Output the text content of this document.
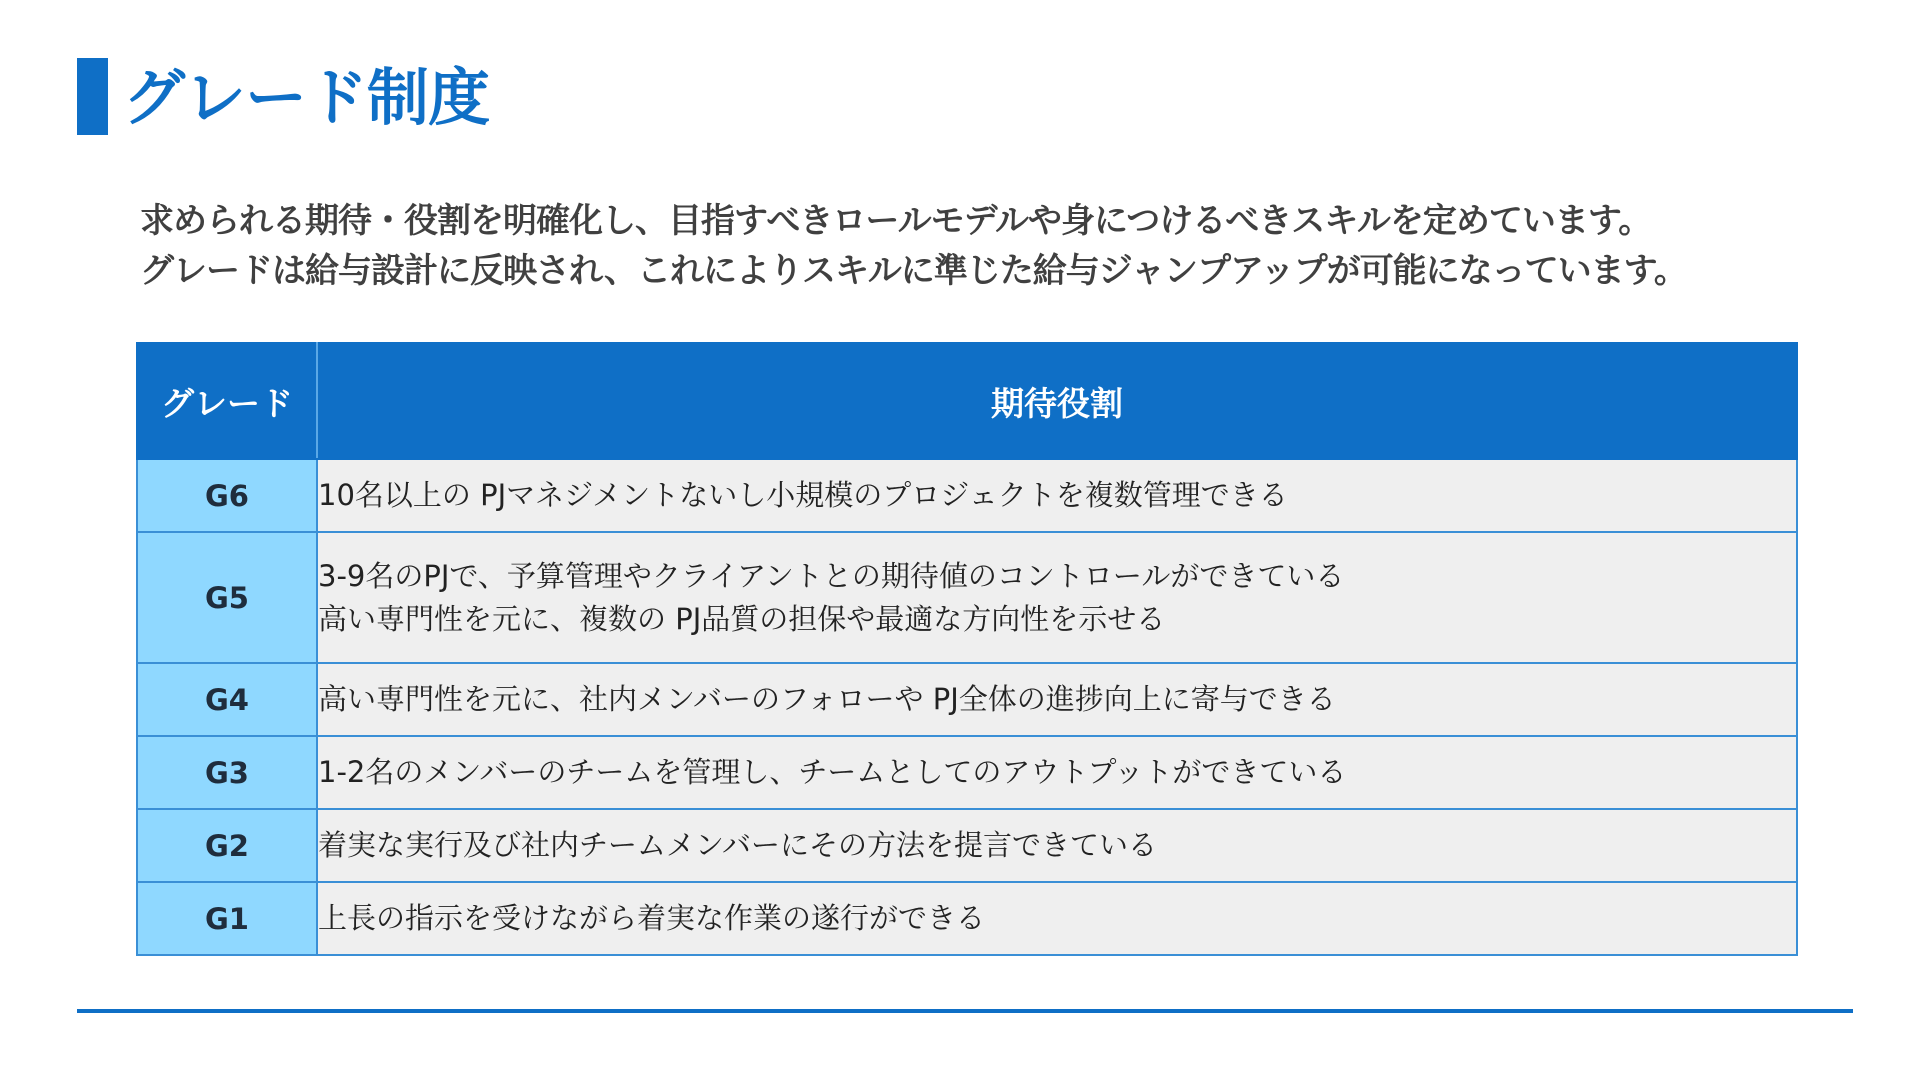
グレード制度
求められる期待・役割を明確化し、目指すべきロールモデルや身につけるべきスキルを定めています。
グレードは給与設計に反映され、これによりスキルに準じた給与ジャンプアップが可能になっています。
グレード	期待役割
G6	10名以上の PJマネジメントないし小規模のプロジェクトを複数管理できる

G5	3-9名のPJで、予算管理やクライアントとの期待値のコントロールができている
高い専門性を元に、複数の PJ品質の担保や最適な方向性を示せる

G4	高い専門性を元に、社内メンバーのフォローや PJ全体の進捗向上に寄与できる

G3	1-2名のメンバーのチームを管理し、チームとしてのアウトプットができている

G2	着実な実行及び社内チームメンバーにその方法を提言できている

G1	上長の指示を受けながら着実な作業の遂行ができる
